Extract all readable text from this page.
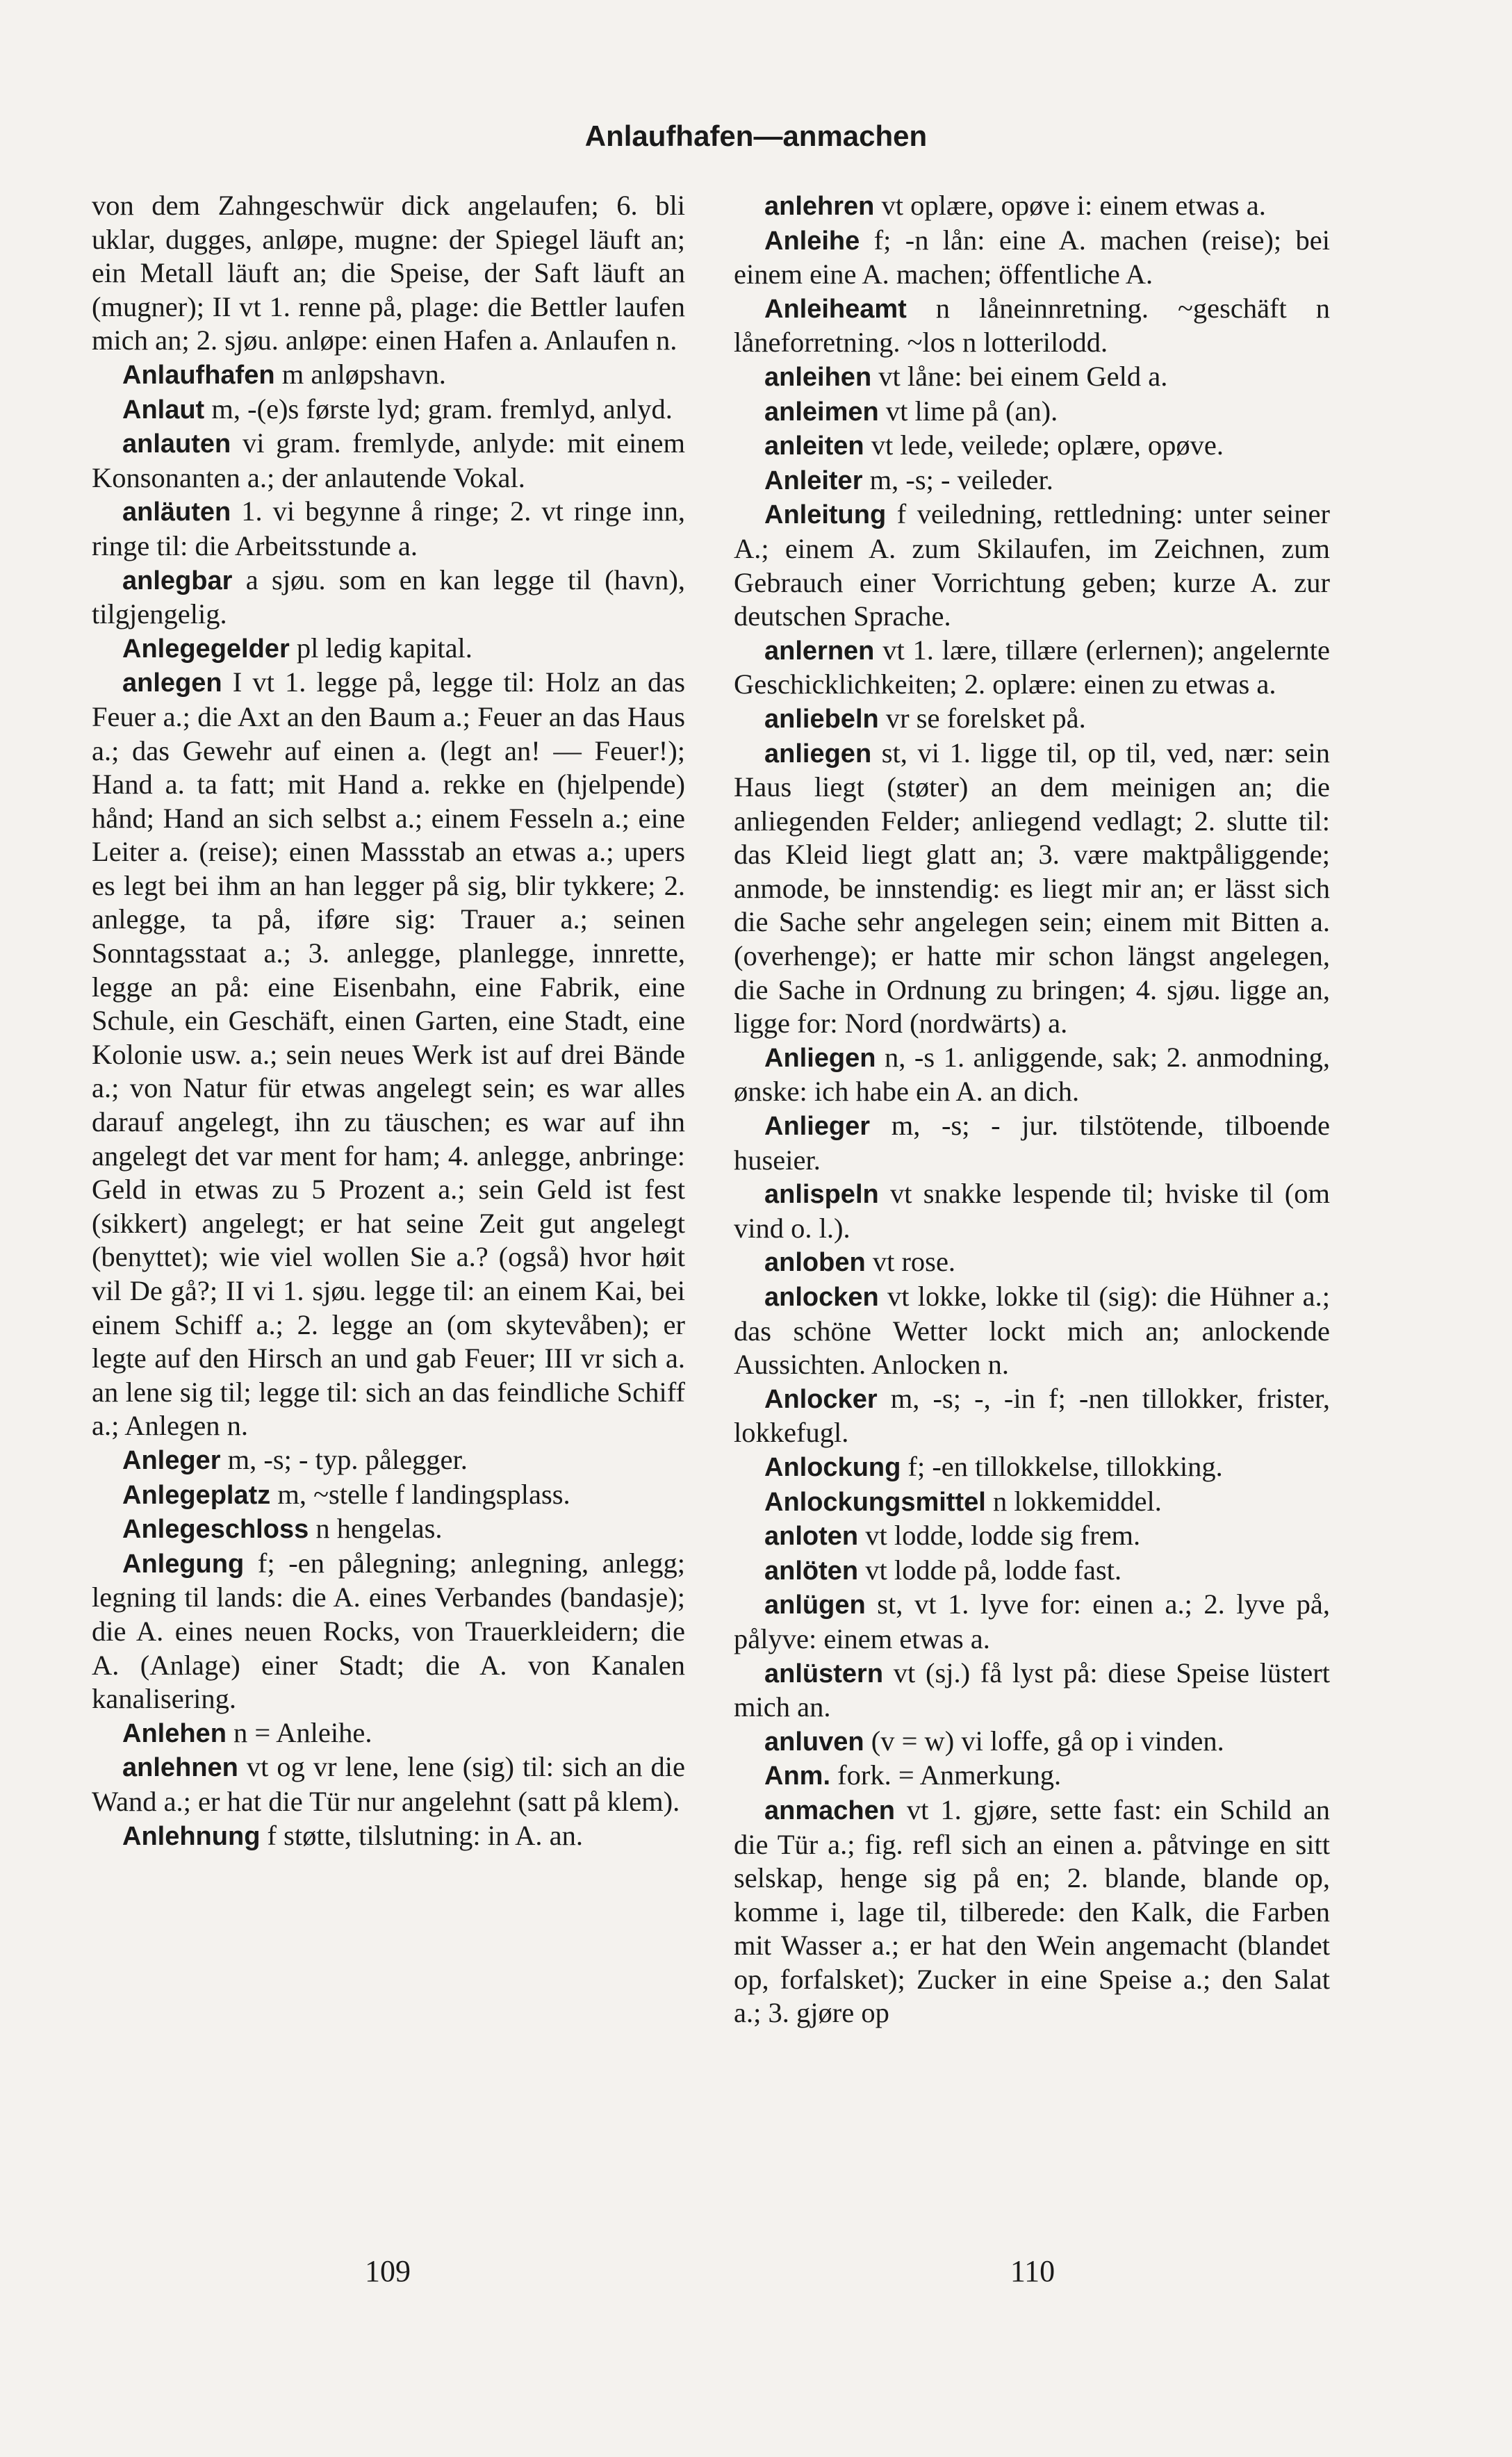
Anlaufhafen—anmachen

von dem Zahngeschwür dick angelaufen; 6. bli uklar, dugges, anløpe, mugne: der Spiegel läuft an; ein Metall läuft an; die Speise, der Saft läuft an (mugner); II vt 1. renne på, plage: die Bettler laufen mich an; 2. sjøu. anløpe: einen Hafen a. Anlaufen n.

Anlaufhafen m anløpshavn.

Anlaut m, -(e)s første lyd; gram. fremlyd, anlyd.

anlauten vi gram. fremlyde, anlyde: mit einem Konsonanten a.; der anlautende Vokal.

anläuten 1. vi begynne å ringe; 2. vt ringe inn, ringe til: die Arbeitsstunde a.

anlegbar a sjøu. som en kan legge til (havn), tilgjengelig.

Anlegegelder pl ledig kapital.

anlegen I vt 1. legge på, legge til: Holz an das Feuer a.; die Axt an den Baum a.; Feuer an das Haus a.; das Gewehr auf einen a. (legt an! — Feuer!); Hand a. ta fatt; mit Hand a. rekke en (hjelpende) hånd; Hand an sich selbst a.; einem Fesseln a.; eine Leiter a. (reise); einen Massstab an etwas a.; upers es legt bei ihm an han legger på sig, blir tykkere; 2. anlegge, ta på, iføre sig: Trauer a.; seinen Sonntagsstaat a.; 3. anlegge, planlegge, innrette, legge an på: eine Eisenbahn, eine Fabrik, eine Schule, ein Geschäft, einen Garten, eine Stadt, eine Kolonie usw. a.; sein neues Werk ist auf drei Bände a.; von Natur für etwas angelegt sein; es war alles darauf angelegt, ihn zu täuschen; es war auf ihn angelegt det var ment for ham; 4. anlegge, anbringe: Geld in etwas zu 5 Prozent a.; sein Geld ist fest (sikkert) angelegt; er hat seine Zeit gut angelegt (benyttet); wie viel wollen Sie a.? (også) hvor høit vil De gå?; II vi 1. sjøu. legge til: an einem Kai, bei einem Schiff a.; 2. legge an (om skytevåben); er legte auf den Hirsch an und gab Feuer; III vr sich a. an lene sig til; legge til: sich an das feindliche Schiff a.; Anlegen n.

Anleger m, -s; - typ. pålegger.

Anlegeplatz m, ~stelle f landingsplass.

Anlegeschloss n hengelas.

Anlegung f; -en pålegning; anlegning, anlegg; legning til lands: die A. eines Verbandes (bandasje); die A. eines neuen Rocks, von Trauerkleidern; die A. (Anlage) einer Stadt; die A. von Kanalen kanalisering.

Anlehen n = Anleihe.

anlehnen vt og vr lene, lene (sig) til: sich an die Wand a.; er hat die Tür nur angelehnt (satt på klem).

Anlehnung f støtte, tilslutning: in A. an.

anlehren vt oplære, opøve i: einem etwas a.

Anleihe f; -n lån: eine A. machen (reise); bei einem eine A. machen; öffentliche A.

Anleiheamt n låneinnretning. ~geschäft n låneforretning. ~los n lotterilodd.

anleihen vt låne: bei einem Geld a.

anleimen vt lime på (an).

anleiten vt lede, veilede; oplære, opøve.

Anleiter m, -s; - veileder.

Anleitung f veiledning, rettledning: unter seiner A.; einem A. zum Skilaufen, im Zeichnen, zum Gebrauch einer Vorrichtung geben; kurze A. zur deutschen Sprache.

anlernen vt 1. lære, tillære (erlernen); angelernte Geschicklichkeiten; 2. oplære: einen zu etwas a.

anliebeln vr se forelsket på.

anliegen st, vi 1. ligge til, op til, ved, nær: sein Haus liegt (støter) an dem meinigen an; die anliegenden Felder; anliegend vedlagt; 2. slutte til: das Kleid liegt glatt an; 3. være maktpåliggende; anmode, be innstendig: es liegt mir an; er lässt sich die Sache sehr angelegen sein; einem mit Bitten a. (overhenge); er hatte mir schon längst angelegen, die Sache in Ordnung zu bringen; 4. sjøu. ligge an, ligge for: Nord (nordwärts) a.

Anliegen n, -s 1. anliggende, sak; 2. anmodning, ønske: ich habe ein A. an dich.

Anlieger m, -s; - jur. tilstötende, tilboende huseier.

anlispeln vt snakke lespende til; hviske til (om vind o. l.).

anloben vt rose.

anlocken vt lokke, lokke til (sig): die Hühner a.; das schöne Wetter lockt mich an; anlockende Aussichten. Anlocken n.

Anlocker m, -s; -, -in f; -nen tillokker, frister, lokkefugl.

Anlockung f; -en tillokkelse, tillokking.

Anlockungsmittel n lokkemiddel.

anloten vt lodde, lodde sig frem.

anlöten vt lodde på, lodde fast.

anlügen st, vt 1. lyve for: einen a.; 2. lyve på, pålyve: einem etwas a.

anlüstern vt (sj.) få lyst på: diese Speise lüstert mich an.

anluven (v = w) vi loffe, gå op i vinden.

Anm. fork. = Anmerkung.

anmachen vt 1. gjøre, sette fast: ein Schild an die Tür a.; fig. refl sich an einen a. påtvinge en sitt selskap, henge sig på en; 2. blande, blande op, komme i, lage til, tilberede: den Kalk, die Farben mit Wasser a.; er hat den Wein angemacht (blandet op, forfalsket); Zucker in eine Speise a.; den Salat a.; 3. gjøre op

109	110
